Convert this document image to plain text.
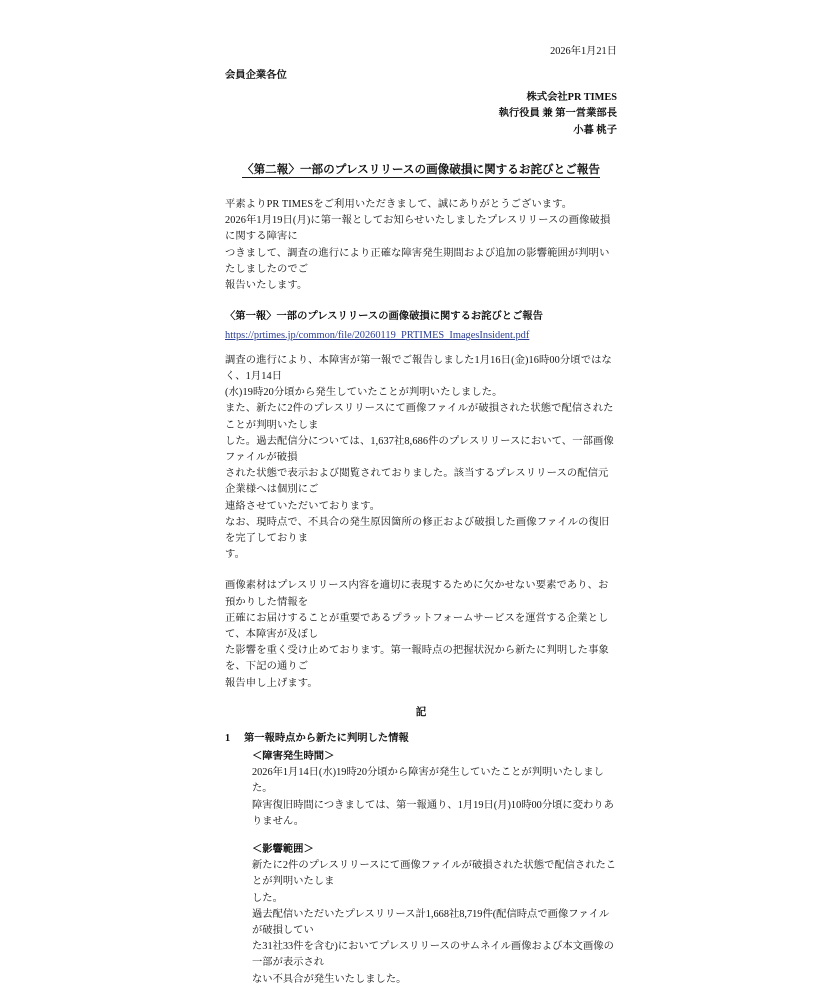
2026年1月21日
会員企業各位
株式会社PR TIMES
執行役員 兼 第一営業部長
小暮 桃子
〈第二報〉一部のプレスリリースの画像破損に関するお詫びとご報告
平素よりPR TIMESをご利用いただきまして、誠にありがとうございます。
2026年1月19日(月)に第一報としてお知らせいたしましたプレスリリースの画像破損に関する障害に
つきまして、調査の進行により正確な障害発生期間および追加の影響範囲が判明いたしましたのでご
報告いたします。
〈第一報〉一部のプレスリリースの画像破損に関するお詫びとご報告
https://prtimes.jp/common/file/20260119_PRTIMES_ImagesInsident.pdf
調査の進行により、本障害が第一報でご報告しました1月16日(金)16時00分頃ではなく、1月14日
(水)19時20分頃から発生していたことが判明いたしました。
また、新たに2件のプレスリリースにて画像ファイルが破損された状態で配信されたことが判明いたしま
した。過去配信分については、1,637社8,686件のプレスリリースにおいて、一部画像ファイルが破損
された状態で表示および閲覧されておりました。該当するプレスリリースの配信元企業様へは個別にご
連絡させていただいております。
なお、現時点で、不具合の発生原因箇所の修正および破損した画像ファイルの復旧を完了しておりま
す。
画像素材はプレスリリース内容を適切に表現するために欠かせない要素であり、お預かりした情報を
正確にお届けすることが重要であるプラットフォームサービスを運営する企業として、本障害が及ぼし
た影響を重く受け止めております。第一報時点の把握状況から新たに判明した事象を、下記の通りご
報告申し上げます。
記
1	第一報時点から新たに判明した情報
＜障害発生時間＞
2026年1月14日(水)19時20分頃から障害が発生していたことが判明いたしました。
障害復旧時間につきましては、第一報通り、1月19日(月)10時00分頃に変わりありません。
＜影響範囲＞
新たに2件のプレスリリースにて画像ファイルが破損された状態で配信されたことが判明いたしま
した。
過去配信いただいたプレスリリース計1,668社8,719件(配信時点で画像ファイルが破損してい
た31社33件を含む)においてプレスリリースのサムネイル画像および本文画像の一部が表示され
ない不具合が発生いたしました。
